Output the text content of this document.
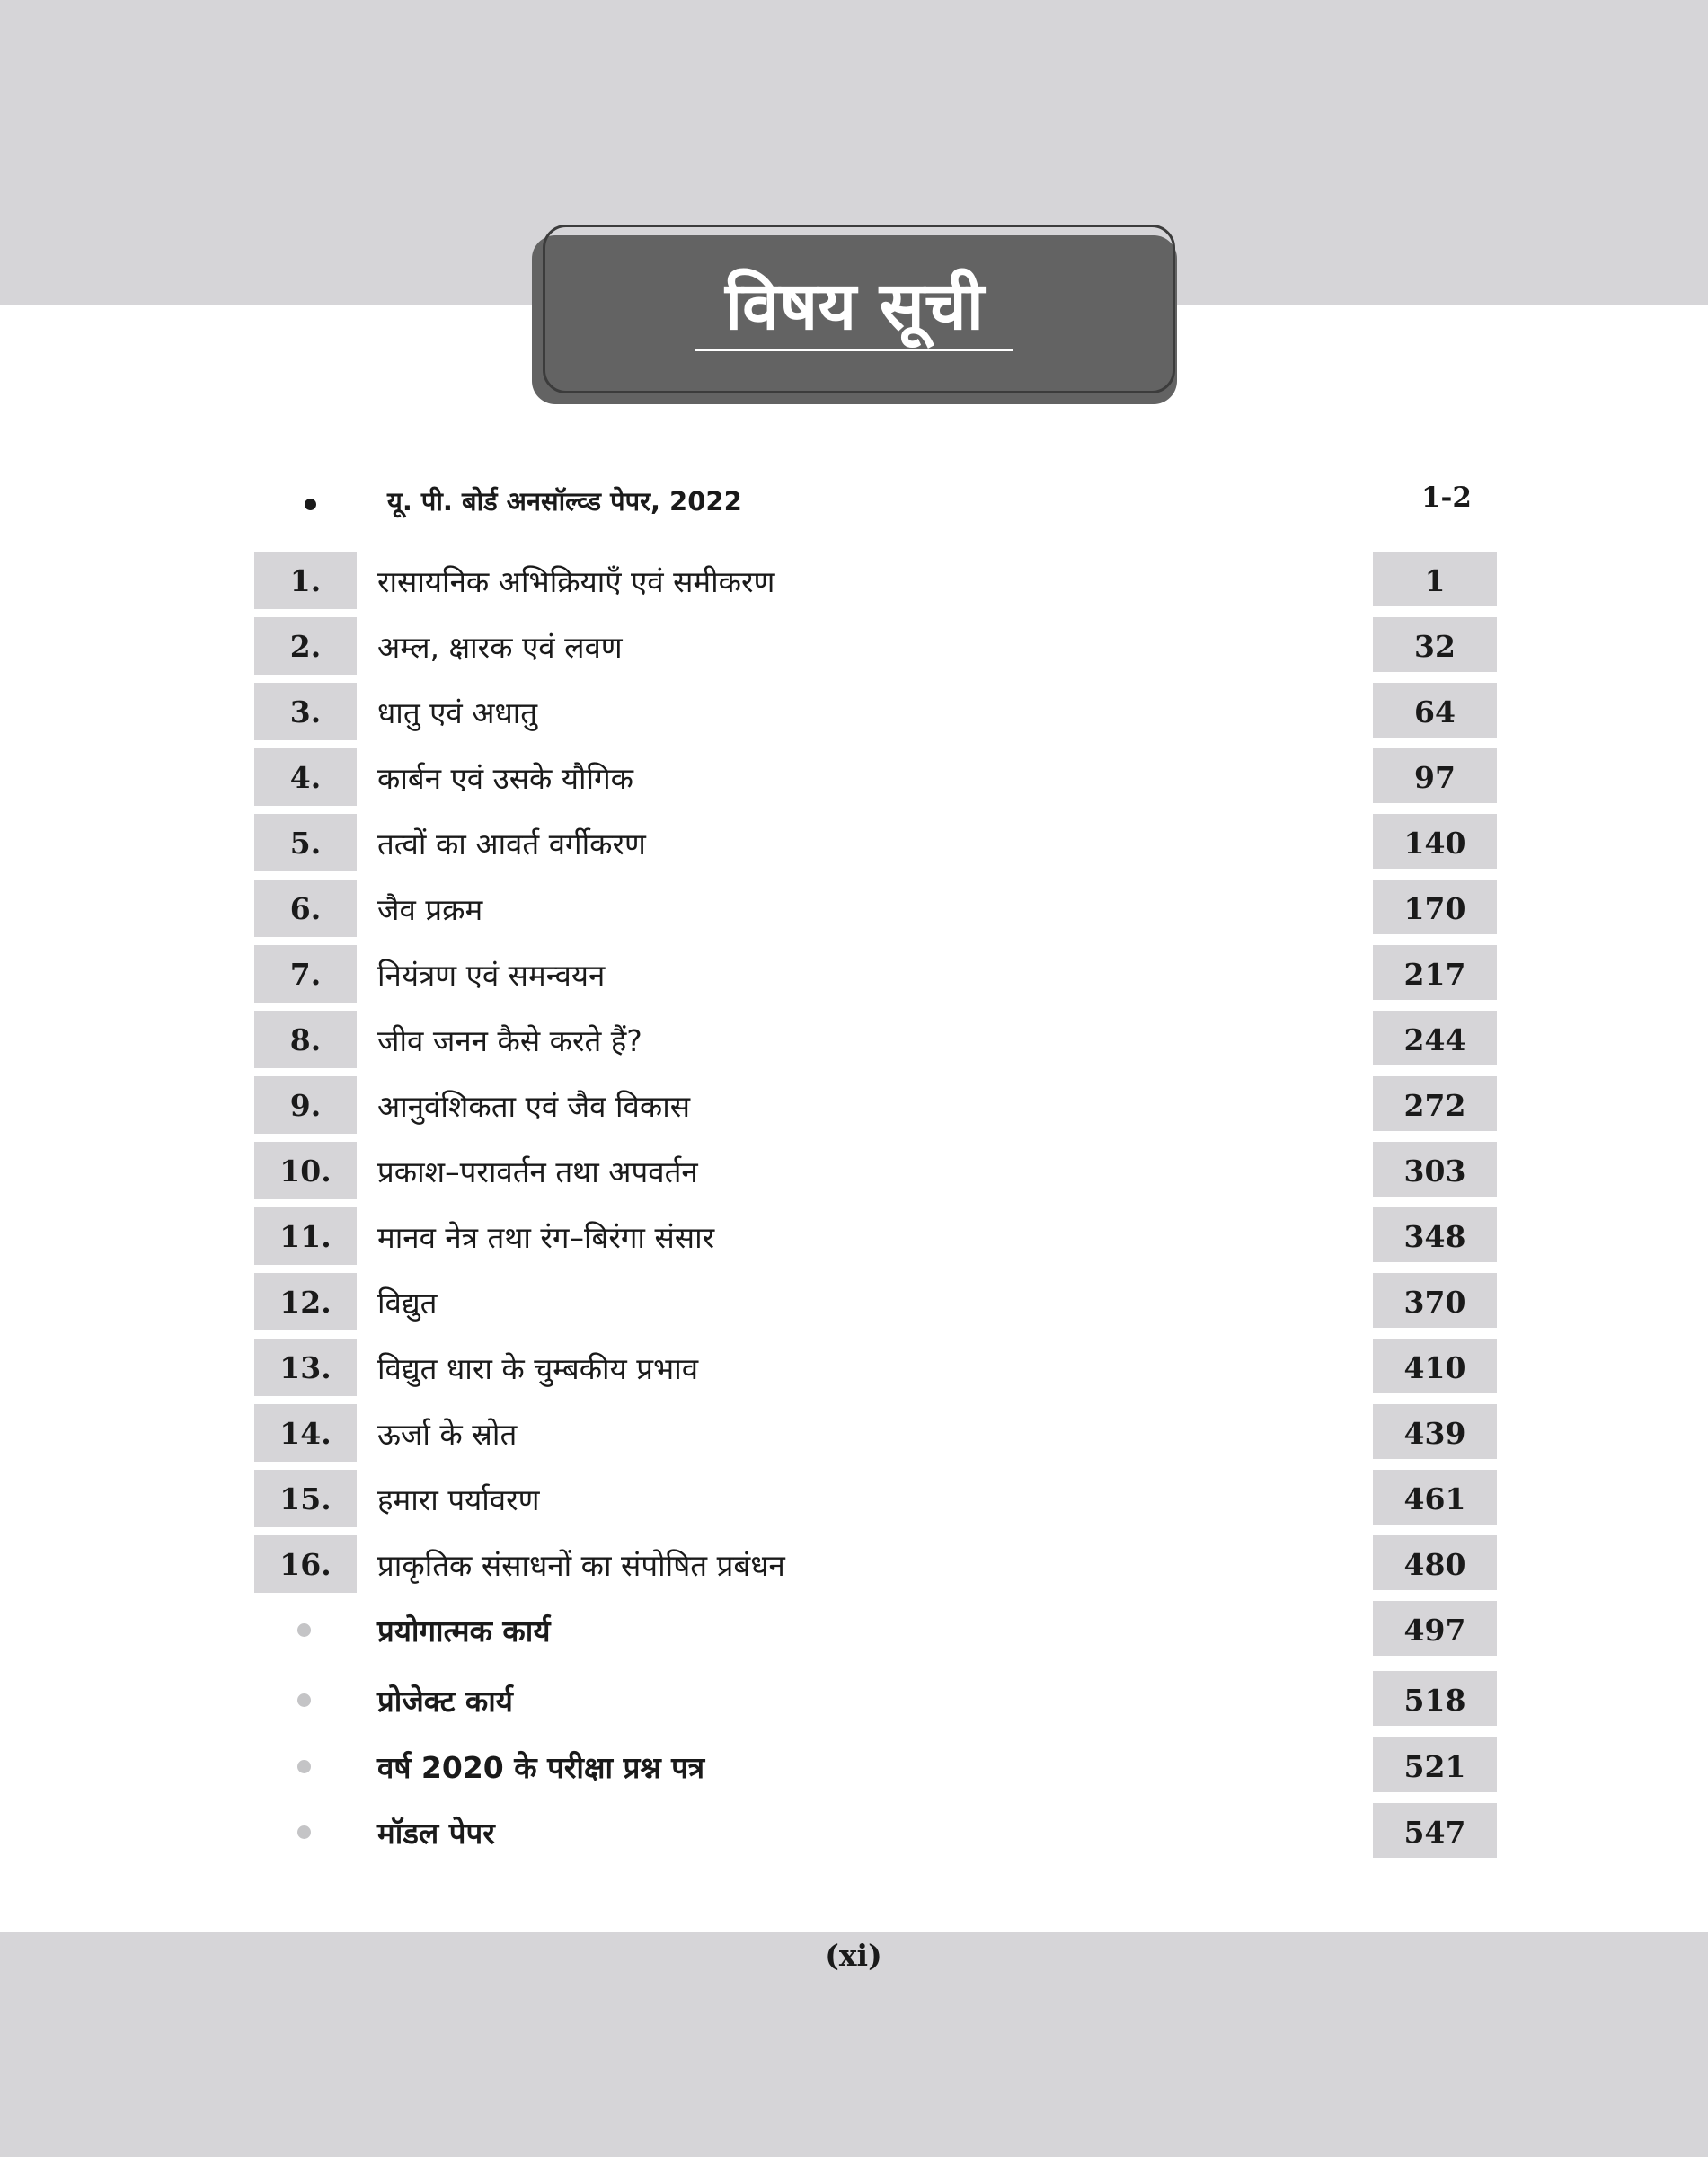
विषय सूची
यू. पी. बोर्ड अनसॉल्व्ड पेपर, 2022	1-2
1.	रासायनिक अभिक्रियाएँ एवं समीकरण	1
2.	अम्ल, क्षारक एवं लवण	32
3.	धातु एवं अधातु	64
4.	कार्बन एवं उसके यौगिक	97
5.	तत्वों का आवर्त वर्गीकरण	140
6.	जैव प्रक्रम	170
7.	नियंत्रण एवं समन्वयन	217
8.	जीव जनन कैसे करते हैं?	244
9.	आनुवंशिकता एवं जैव विकास	272
10.	प्रकाश–परावर्तन तथा अपवर्तन	303
11.	मानव नेत्र तथा रंग–बिरंगा संसार	348
12.	विद्युत	370
13.	विद्युत धारा के चुम्बकीय प्रभाव	410
14.	ऊर्जा के स्रोत	439
15.	हमारा पर्यावरण	461
16.	प्राकृतिक संसाधनों का संपोषित प्रबंधन	480
प्रयोगात्मक कार्य	497
प्रोजेक्ट कार्य	518
वर्ष 2020 के परीक्षा प्रश्न पत्र	521
मॉडल पेपर	547
(xi)
